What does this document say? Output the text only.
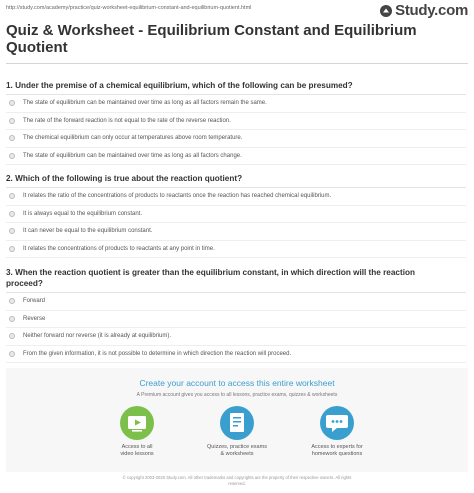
http://study.com/academy/practice/quiz-worksheet-equilibrium-constant-and-equilibrium-quotient.html	Study.com
Quiz & Worksheet - Equilibrium Constant and Equilibrium Quotient
1. Under the premise of a chemical equilibrium, which of the following can be presumed?
The state of equilibrium can be maintained over time as long as all factors remain the same.
The rate of the forward reaction is not equal to the rate of the reverse reaction.
The chemical equilibrium can only occur at temperatures above room temperature.
The state of equilibrium can be maintained over time as long as all factors change.
2. Which of the following is true about the reaction quotient?
It relates the ratio of the concentrations of products to reactants once the reaction has reached chemical equilibrium.
It is always equal to the equilibrium constant.
It can never be equal to the equilibrium constant.
It relates the concentrations of products to reactants at any point in time.
3. When the reaction quotient is greater than the equilibrium constant, in which direction will the reaction
proceed?
Forward
Reverse
Neither forward nor reverse (it is already at equilibrium).
From the given information, it is not possible to determine in which direction the reaction will proceed.
Create your account to access this entire worksheet
A Premium account gives you access to all lessons, practice exams, quizzes & worksheets
Access to all
video lessons
Quizzes, practice exams
& worksheets
Access to experts for
homework questions
© copyright 2003-2020 Study.com. All other trademarks and copyrights are the property of their respective owners. All rights
reserved.
